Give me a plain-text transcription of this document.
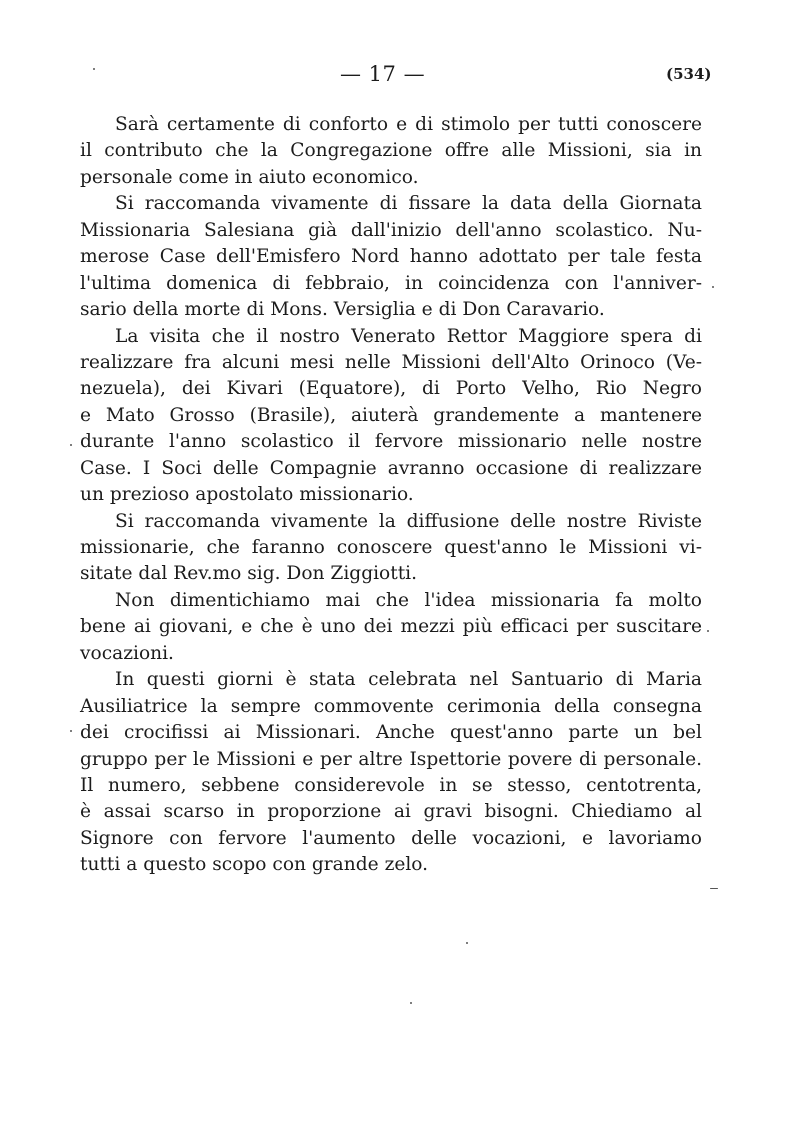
— 17 —	(534)
Sarà certamente di conforto e di stimolo per tutti conoscere
il contributo che la Congregazione offre alle Missioni, sia in
personale come in aiuto economico.
Si raccomanda vivamente di fissare la data della Giornata
Missionaria Salesiana già dall'inizio dell'anno scolastico. Nu-
merose Case dell'Emisfero Nord hanno adottato per tale festa
l'ultima domenica di febbraio, in coincidenza con l'anniver-
sario della morte di Mons. Versiglia e di Don Caravario.
La visita che il nostro Venerato Rettor Maggiore spera di
realizzare fra alcuni mesi nelle Missioni dell'Alto Orinoco (Ve-
nezuela), dei Kivari (Equatore), di Porto Velho, Rio Negro
e Mato Grosso (Brasile), aiuterà grandemente a mantenere
durante l'anno scolastico il fervore missionario nelle nostre
Case. I Soci delle Compagnie avranno occasione di realizzare
un prezioso apostolato missionario.
Si raccomanda vivamente la diffusione delle nostre Riviste
missionarie, che faranno conoscere quest'anno le Missioni vi-
sitate dal Rev.mo sig. Don Ziggiotti.
Non dimentichiamo mai che l'idea missionaria fa molto
bene ai giovani, e che è uno dei mezzi più efficaci per suscitare
vocazioni.
In questi giorni è stata celebrata nel Santuario di Maria
Ausiliatrice la sempre commovente cerimonia della consegna
dei crocifissi ai Missionari. Anche quest'anno parte un bel
gruppo per le Missioni e per altre Ispettorie povere di personale.
Il numero, sebbene considerevole in se stesso, centotrenta,
è assai scarso in proporzione ai gravi bisogni. Chiediamo al
Signore con fervore l'aumento delle vocazioni, e lavoriamo
tutti a questo scopo con grande zelo.
